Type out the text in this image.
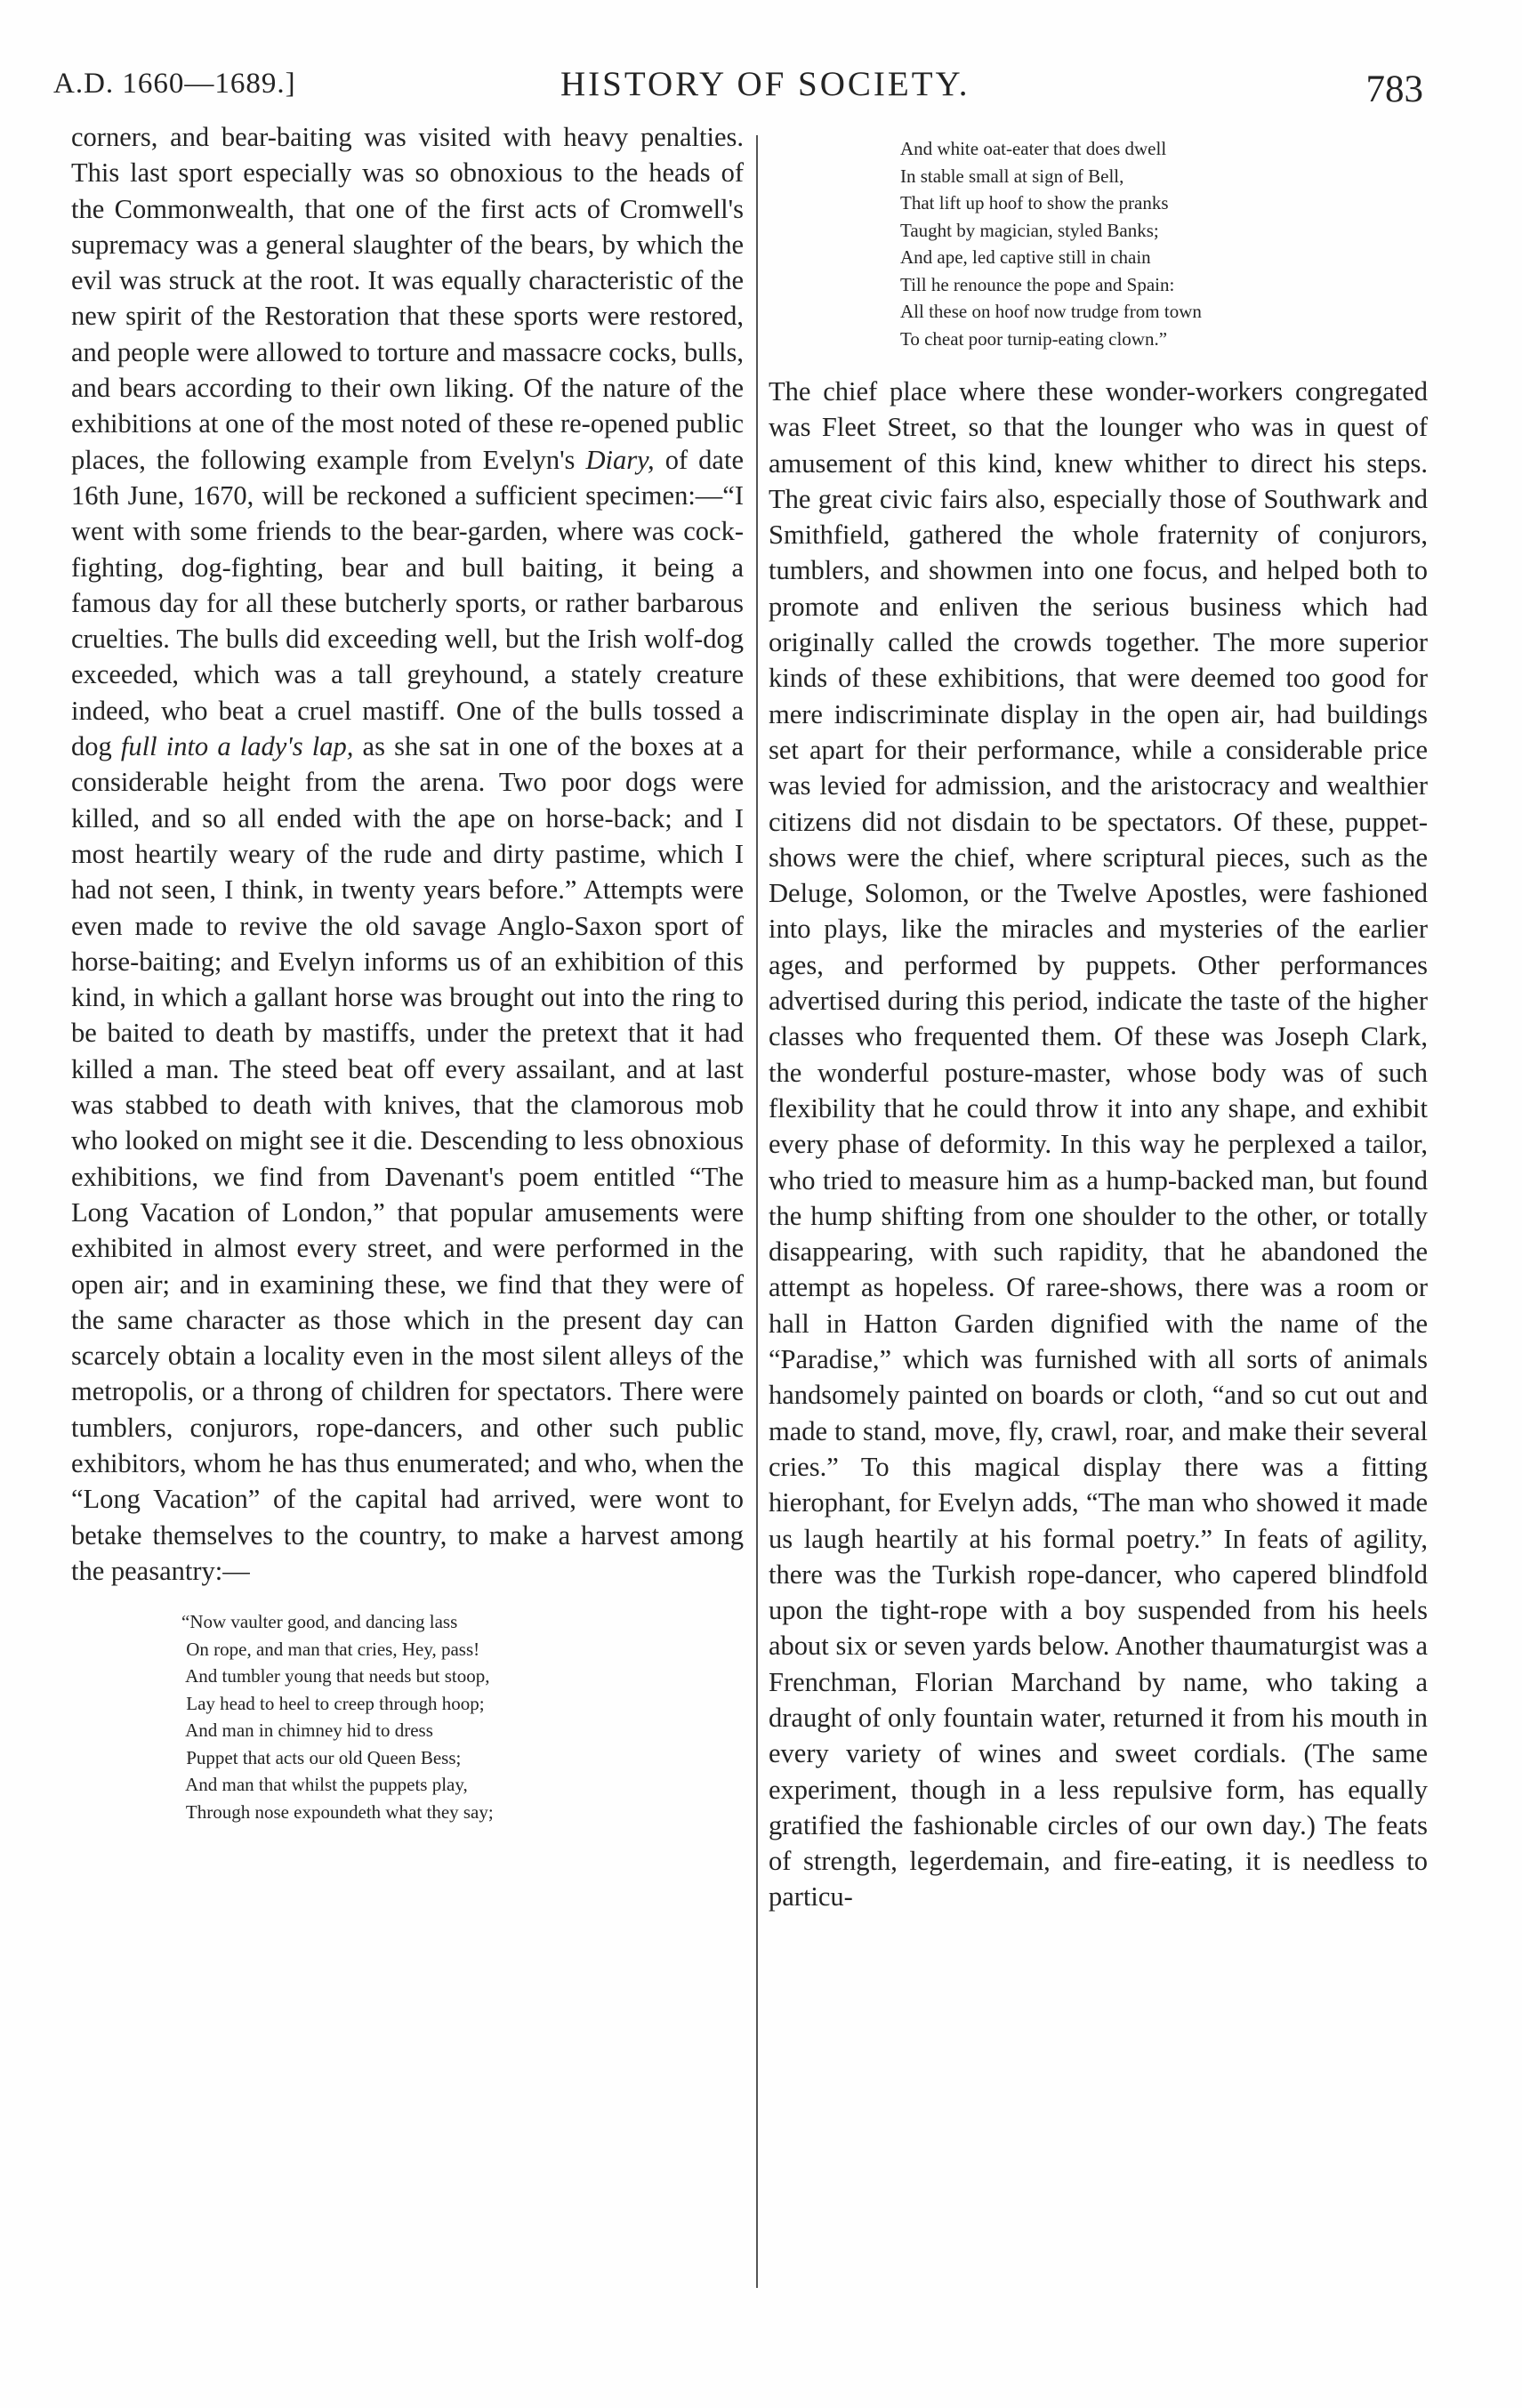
A.D. 1660—1689.]	HISTORY OF SOCIETY.	783

corners, and bear-baiting was visited with heavy penalties. This last sport especially was so obnoxious to the heads of the Commonwealth, that one of the first acts of Cromwell's supremacy was a general slaughter of the bears, by which the evil was struck at the root. It was equally characteristic of the new spirit of the Restoration that these sports were restored, and people were allowed to torture and massacre cocks, bulls, and bears according to their own liking. Of the nature of the exhibitions at one of the most noted of these re-opened public places, the following example from Evelyn's Diary, of date 16th June, 1670, will be reckoned a sufficient specimen:—“I went with some friends to the bear-garden, where was cock-fighting, dog-fighting, bear and bull baiting, it being a famous day for all these butcherly sports, or rather barbarous cruelties. The bulls did exceeding well, but the Irish wolf-dog exceeded, which was a tall greyhound, a stately creature indeed, who beat a cruel mastiff. One of the bulls tossed a dog full into a lady's lap, as she sat in one of the boxes at a considerable height from the arena. Two poor dogs were killed, and so all ended with the ape on horse-back; and I most heartily weary of the rude and dirty pastime, which I had not seen, I think, in twenty years before.” Attempts were even made to revive the old savage Anglo-Saxon sport of horse-baiting; and Evelyn informs us of an exhibition of this kind, in which a gallant horse was brought out into the ring to be baited to death by mastiffs, under the pretext that it had killed a man. The steed beat off every assailant, and at last was stabbed to death with knives, that the clamorous mob who looked on might see it die. Descending to less obnoxious exhibitions, we find from Davenant's poem entitled “The Long Vacation of London,” that popular amusements were exhibited in almost every street, and were performed in the open air; and in examining these, we find that they were of the same character as those which in the present day can scarcely obtain a locality even in the most silent alleys of the metropolis, or a throng of children for spectators. There were tumblers, conjurors, rope-dancers, and other such public exhibitors, whom he has thus enumerated; and who, when the “Long Vacation” of the capital had arrived, were wont to betake themselves to the country, to make a harvest among the peasantry:—

“Now vaulter good, and dancing lass
On rope, and man that cries, Hey, pass!
And tumbler young that needs but stoop,
Lay head to heel to creep through hoop;
And man in chimney hid to dress
Puppet that acts our old Queen Bess;
And man that whilst the puppets play,
Through nose expoundeth what they say;
And white oat-eater that does dwell
In stable small at sign of Bell,
That lift up hoof to show the pranks
Taught by magician, styled Banks;
And ape, led captive still in chain
Till he renounce the pope and Spain:
All these on hoof now trudge from town
To cheat poor turnip-eating clown.”

The chief place where these wonder-workers congregated was Fleet Street, so that the lounger who was in quest of amusement of this kind, knew whither to direct his steps. The great civic fairs also, especially those of Southwark and Smithfield, gathered the whole fraternity of conjurors, tumblers, and showmen into one focus, and helped both to promote and enliven the serious business which had originally called the crowds together. The more superior kinds of these exhibitions, that were deemed too good for mere indiscriminate display in the open air, had buildings set apart for their performance, while a considerable price was levied for admission, and the aristocracy and wealthier citizens did not disdain to be spectators. Of these, puppet-shows were the chief, where scriptural pieces, such as the Deluge, Solomon, or the Twelve Apostles, were fashioned into plays, like the miracles and mysteries of the earlier ages, and performed by puppets. Other performances advertised during this period, indicate the taste of the higher classes who frequented them. Of these was Joseph Clark, the wonderful posture-master, whose body was of such flexibility that he could throw it into any shape, and exhibit every phase of deformity. In this way he perplexed a tailor, who tried to measure him as a hump-backed man, but found the hump shifting from one shoulder to the other, or totally disappearing, with such rapidity, that he abandoned the attempt as hopeless. Of raree-shows, there was a room or hall in Hatton Garden dignified with the name of the “Paradise,” which was furnished with all sorts of animals handsomely painted on boards or cloth, “and so cut out and made to stand, move, fly, crawl, roar, and make their several cries.” To this magical display there was a fitting hierophant, for Evelyn adds, “The man who showed it made us laugh heartily at his formal poetry.” In feats of agility, there was the Turkish rope-dancer, who capered blindfold upon the tight-rope with a boy suspended from his heels about six or seven yards below. Another thaumaturgist was a Frenchman, Florian Marchand by name, who taking a draught of only fountain water, returned it from his mouth in every variety of wines and sweet cordials. (The same experiment, though in a less repulsive form, has equally gratified the fashionable circles of our own day.) The feats of strength, legerdemain, and fire-eating, it is needless to particu-
